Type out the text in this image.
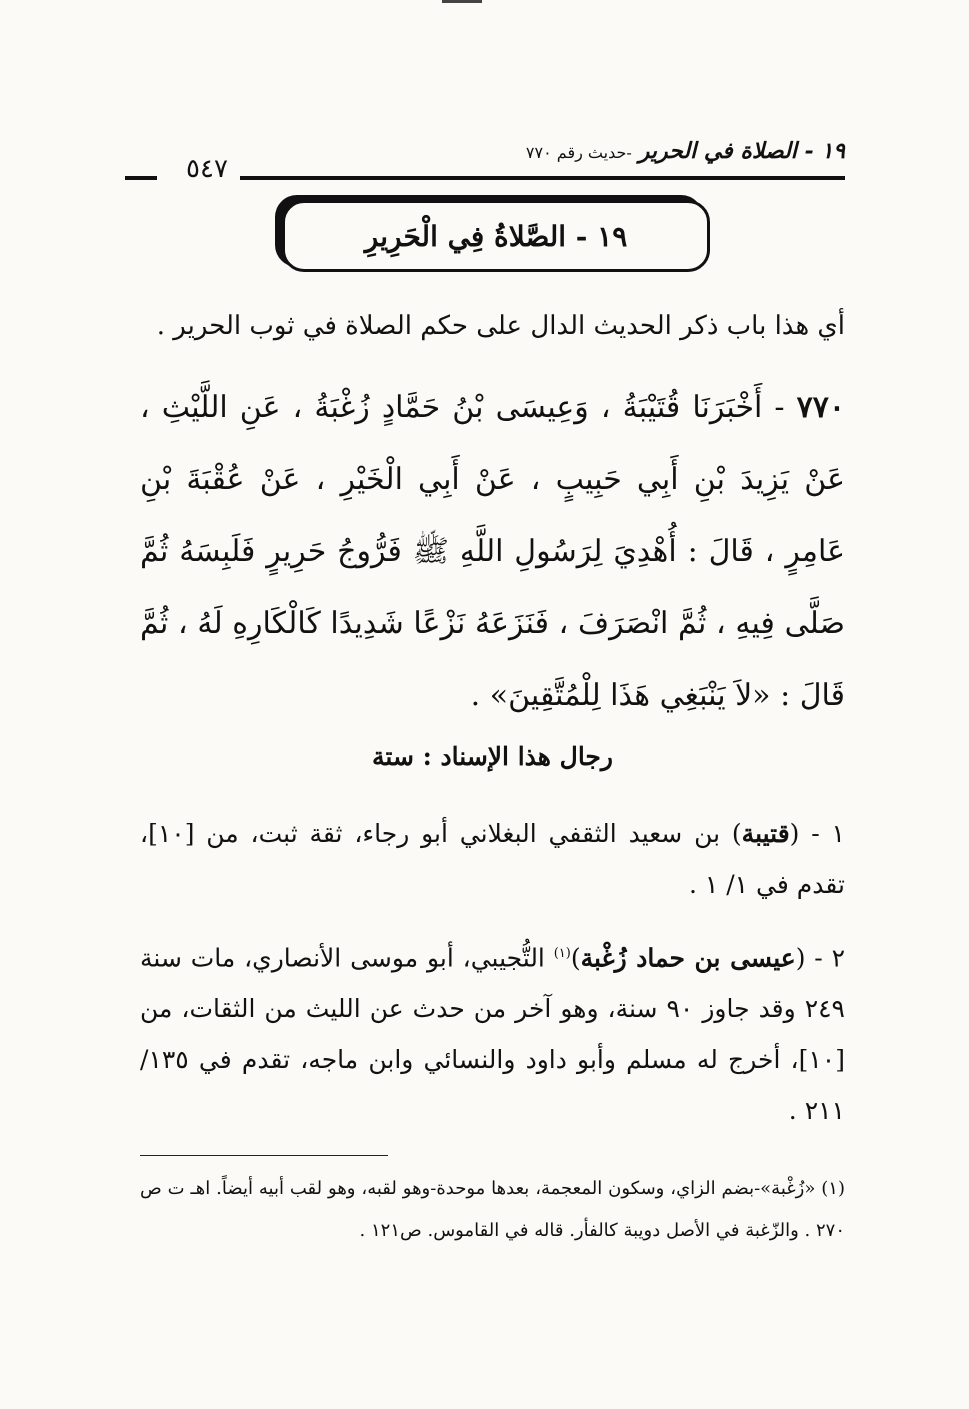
١٩ - الصلاة في الحرير -حديث رقم ٧٧٠
٥٤٧
١٩ - الصَّلاةُ فِي الْحَرِيرِ

أي هذا باب ذكر الحديث الدال على حكم الصلاة في ثوب الحرير .

٧٧٠ - أَخْبَرَنَا قُتَيْبَةُ ، وَعِيسَى بْنُ حَمَّادٍ زُغْبَةُ ، عَنِ اللَّيْثِ ، عَنْ يَزِيدَ بْنِ أَبِي حَبِيبٍ ، عَنْ أَبِي الْخَيْرِ ، عَنْ عُقْبَةَ بْنِ عَامِرٍ ، قَالَ : أُهْدِيَ لِرَسُولِ اللَّهِ ﷺ فَرُّوجُ حَرِيرٍ فَلَبِسَهُ ثُمَّ صَلَّى فِيهِ ، ثُمَّ انْصَرَفَ ، فَنَزَعَهُ نَزْعًا شَدِيدًا كَالْكَارِهِ لَهُ ، ثُمَّ قَالَ : «لاَ يَنْبَغِي هَذَا لِلْمُتَّقِينَ» .

رجال هذا الإسناد : ستة

١ - (قتيبة) بن سعيد الثقفي البغلاني أبو رجاء، ثقة ثبت، من [١٠]، تقدم في ١/ ١ .

٢ - (عيسى بن حماد زُغْبة)$^{(١)}$ التُّجيبي، أبو موسى الأنصاري، مات سنة ٢٤٩ وقد جاوز ٩٠ سنة، وهو آخر من حدث عن الليث من الثقات، من [١٠]، أخرج له مسلم وأبو داود والنسائي وابن ماجه، تقدم في ١٣٥/ ٢١١ .

(١) «زُغْبة»-بضم الزاي، وسكون المعجمة، بعدها موحدة-وهو لقبه، وهو لقب أبيه أيضاً. اهـ ت ص ٢٧٠ . والزّغبة في الأصل دويبة كالفأر. قاله في القاموس. ص١٢١ .
